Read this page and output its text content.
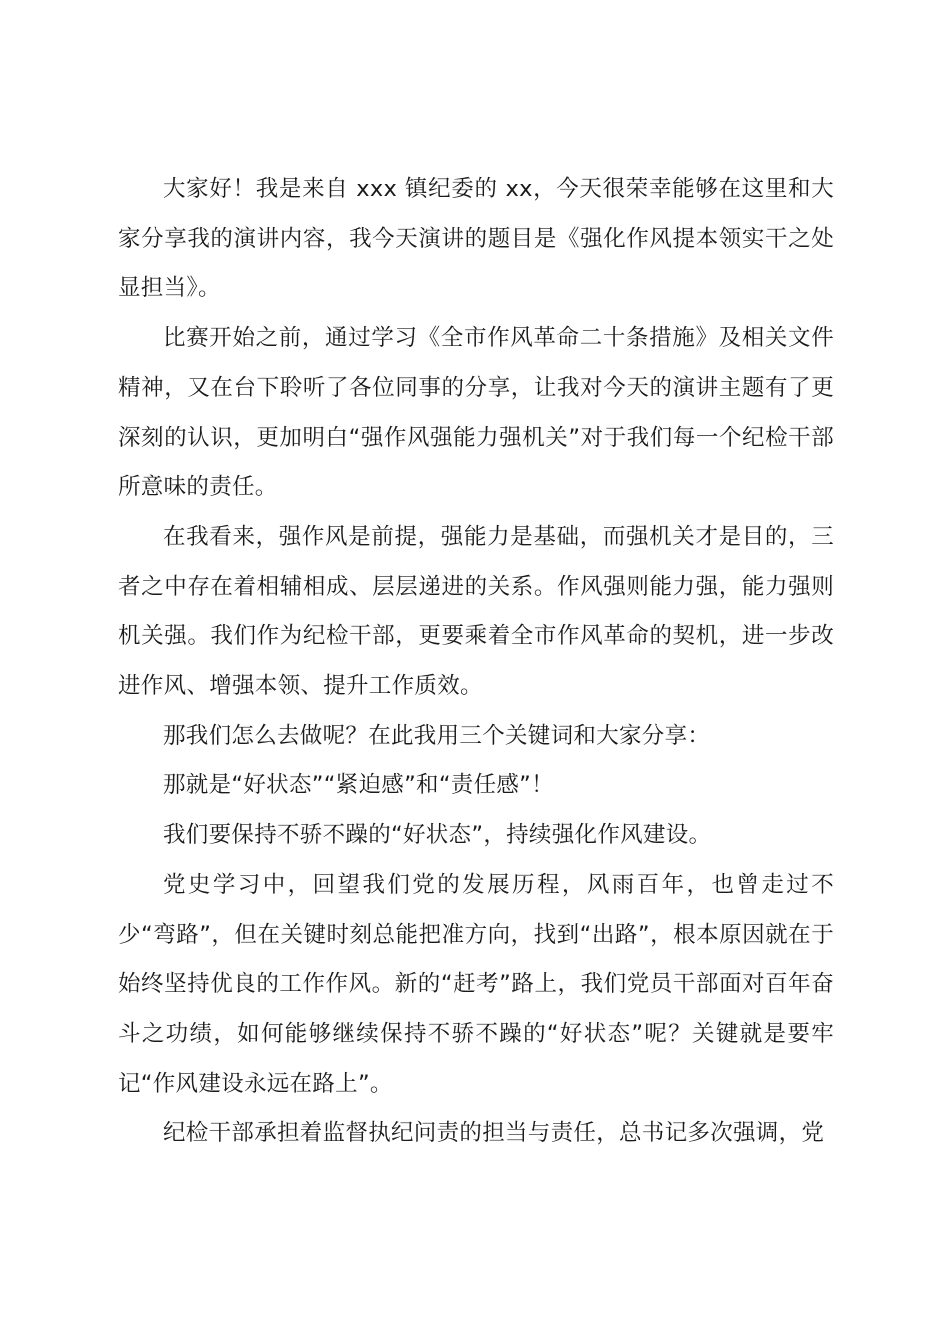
大家好！我是来自 xxx 镇纪委的 xx，今天很荣幸能够在这里和大家分享我的演讲内容，我今天演讲的题目是《强化作风提本领实干之处显担当》。

比赛开始之前，通过学习《全市作风革命二十条措施》及相关文件精神，又在台下聆听了各位同事的分享，让我对今天的演讲主题有了更深刻的认识，更加明白“强作风强能力强机关”对于我们每一个纪检干部所意味的责任。

在我看来，强作风是前提，强能力是基础，而强机关才是目的，三者之中存在着相辅相成、层层递进的关系。作风强则能力强，能力强则机关强。我们作为纪检干部，更要乘着全市作风革命的契机，进一步改进作风、增强本领、提升工作质效。

那我们怎么去做呢？在此我用三个关键词和大家分享：

那就是“好状态”“紧迫感”和“责任感”！

我们要保持不骄不躁的“好状态”，持续强化作风建设。

党史学习中，回望我们党的发展历程，风雨百年，也曾走过不少“弯路”，但在关键时刻总能把准方向，找到“出路”，根本原因就在于始终坚持优良的工作作风。新的“赶考”路上，我们党员干部面对百年奋斗之功绩，如何能够继续保持不骄不躁的“好状态”呢？关键就是要牢记“作风建设永远在路上”。

纪检干部承担着监督执纪问责的担当与责任，总书记多次强调，党
